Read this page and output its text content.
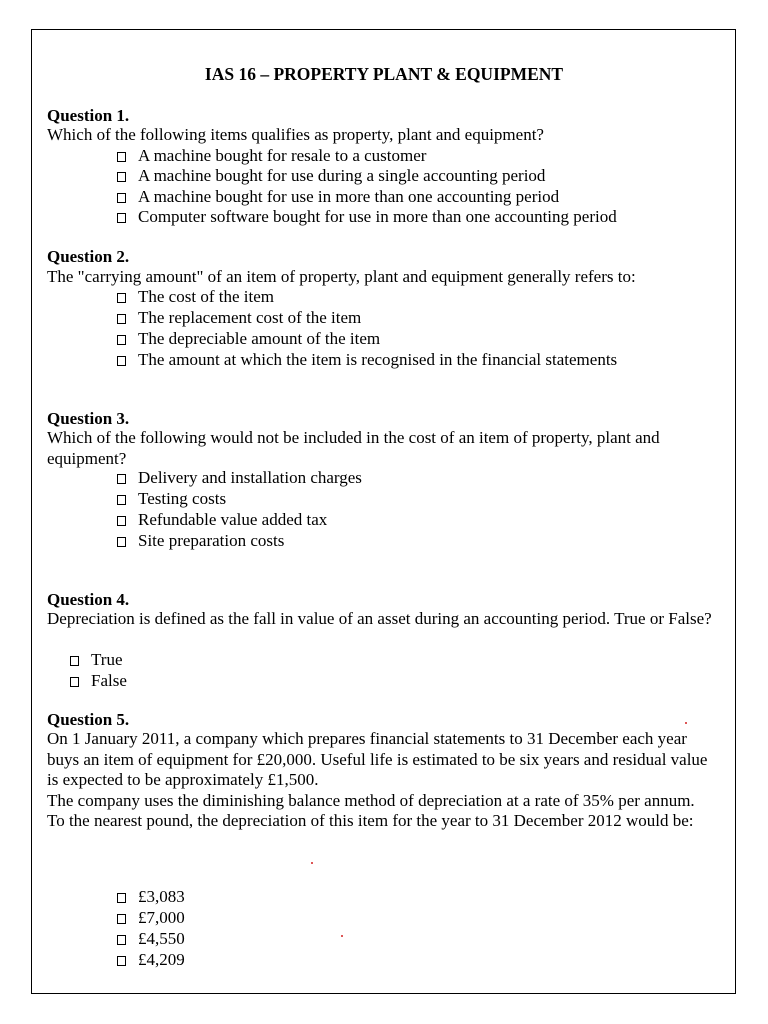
IAS 16 – PROPERTY PLANT & EQUIPMENT
Question 1.
Which of the following items qualifies as property, plant and equipment?
A machine bought for resale to a customer
A machine bought for use during a single accounting period
A machine bought for use in more than one accounting period
Computer software bought for use in more than one accounting period
Question 2.
The "carrying amount" of an item of property, plant and equipment generally refers to:
The cost of the item
The replacement cost of the item
The depreciable amount of the item
The amount at which the item is recognised in the financial statements
Question 3.
Which of the following would not be included in the cost of an item of property, plant and equipment?
Delivery and installation charges
Testing costs
Refundable value added tax
Site preparation costs
Question 4.
Depreciation is defined as the fall in value of an asset during an accounting period. True or False?
True
False
Question 5.
On 1 January 2011, a company which prepares financial statements to 31 December each year buys an item of equipment for £20,000. Useful life is estimated to be six years and residual value is expected to be approximately £1,500.
The company uses the diminishing balance method of depreciation at a rate of 35% per annum.
To the nearest pound, the depreciation of this item for the year to 31 December 2012 would be:
£3,083
£7,000
£4,550
£4,209
